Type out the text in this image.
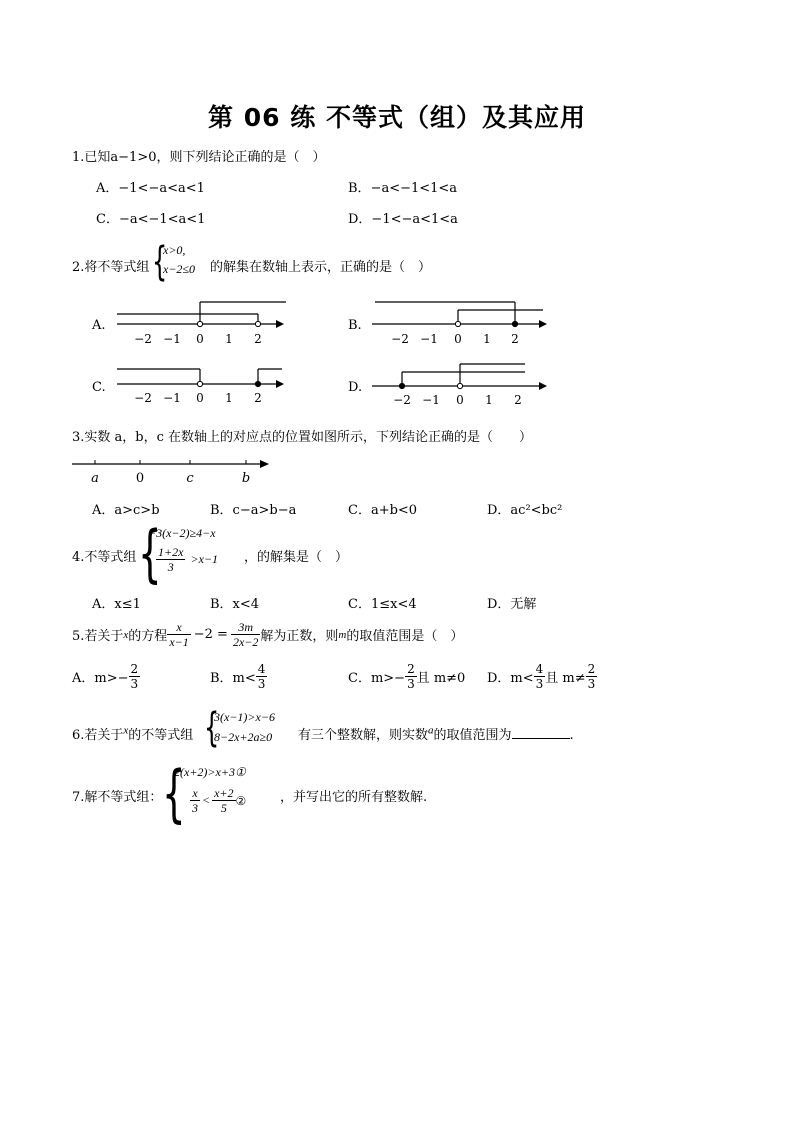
第 06 练 不等式（组）及其应用
1.已知a−1>0，则下列结论正确的是（　）
A．−1<−a<a<1	B．−a<−1<1<a
C．−a<−1<a<1	D．−1<−a<1<a
2.将不等式组 {
x>0,
x−2≤0 的解集在数轴上表示，正确的是（　）
A.	B.
C.	D.
−2 −1 0 1 2	−2 −1 0 1 2
−2 −1 0 1 2	−2 −1 0 1 2
3.实数 a，b，c 在数轴上的对应点的位置如图所示，下列结论正确的是（　　）
a	0	c	b
A．a>c>b	B．c−a>b−a	C．a+b<0	D．ac²<bc²
4.不等式组 {
−3(x−2)≥4−x
$\frac{1+2x}{3} >x-1$ ，的解集是（　）
A．x≤1	B．x<4	C．1≤x<4	D．无解
5.若关于 x 的方程 $\frac{x}{x-1} -2 = \frac{3m}{2x-2}$ 解为正数，则 m 的取值范围是（　）
A．$m>- \frac{2}{3}$	B．$m< \frac{4}{3}$	C．$m>- \frac{2}{3}$ 且 m≠0 D．$m< \frac{4}{3}$ 且 $m\ne \frac{2}{3}$
6.若关于$^x$的不等式组 {
3(x−1)>x−6
8−2x+2a≥0 有三个整数解，则实数$^a$的取值范围为	.
7.解不等式组： {
2(x+2)>x+3①
$\frac{x}{3} < \frac{x+2}{5}$ ②	，并写出它的所有整数解.
